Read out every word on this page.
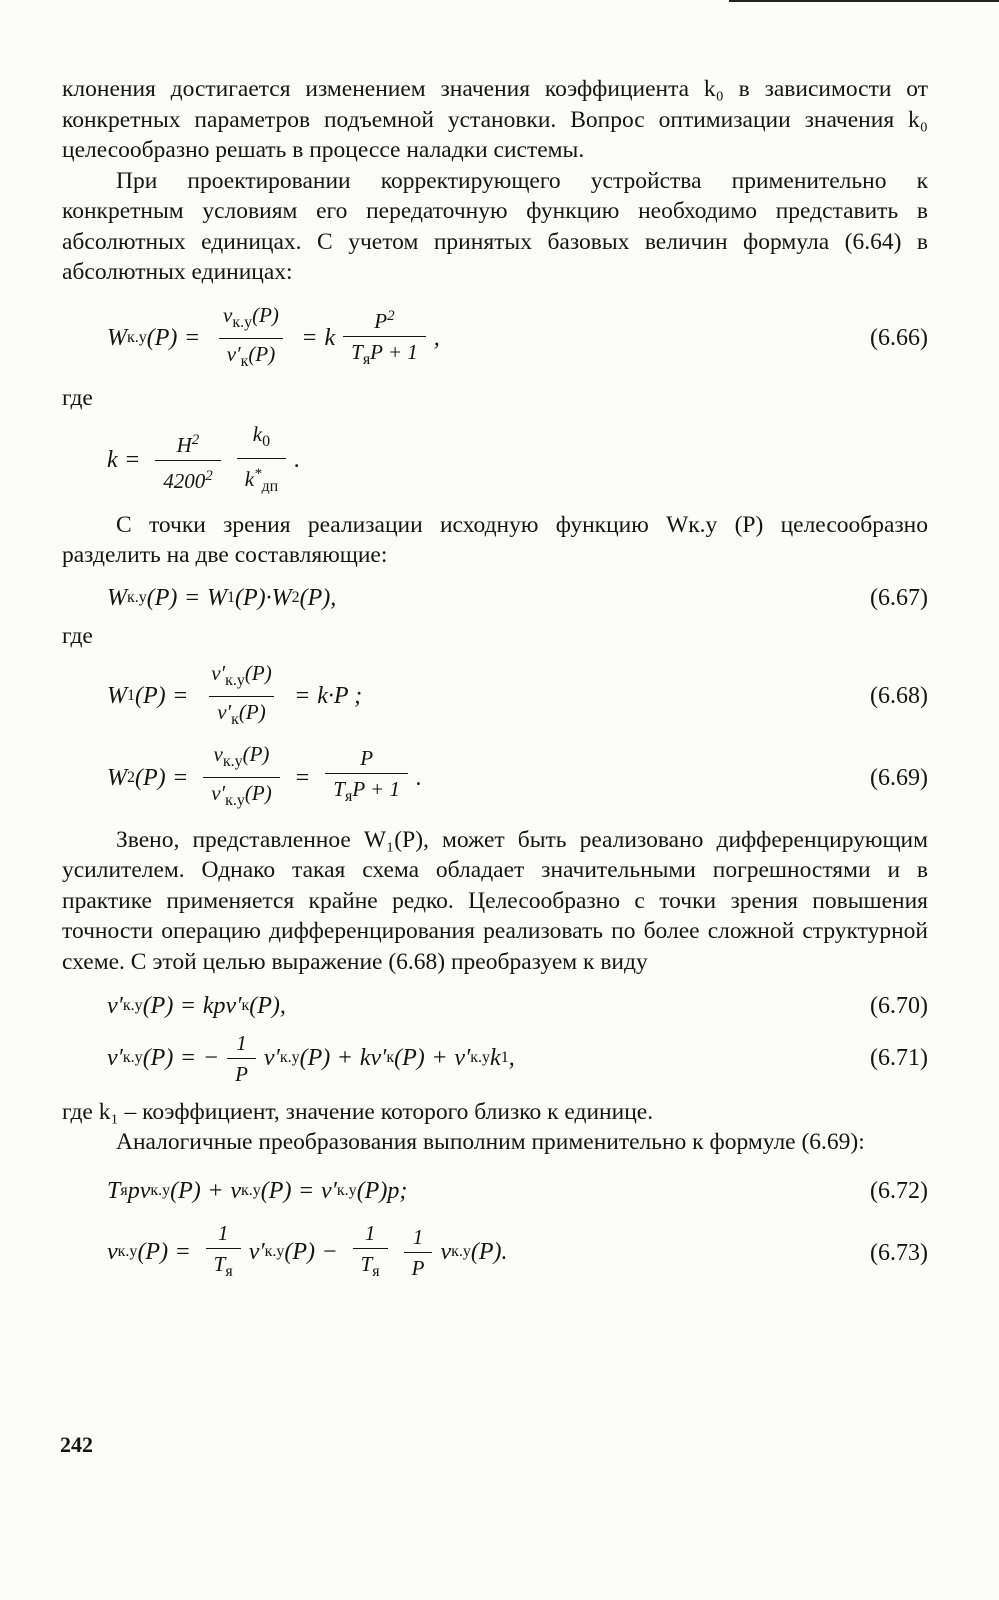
клонения достигается изменением значения коэффициента k₀ в зависимости от конкретных параметров подъемной установки. Вопрос оптимизации значения k₀ целесообразно решать в процессе наладки системы.

При проектировании корректирующего устройства применительно к конкретным условиям его передаточную функцию необходимо представить в абсолютных единицах. С учетом принятых базовых величин формула (6.64) в абсолютных единицах:

W к.у $(P) = \frac{v_{к.у}(P)}{v'_к(P)} = k \frac{P^2}{T_яP + 1}$ ,	(6.66)

где

$k = \frac{H^2}{4200^2} \frac{k_0}{k^*_{дп}}$ .

С точки зрения реализации исходную функцию Wк.у (P) целесообразно разделить на две составляющие:

W к.у (P) = W 1 (P)·W 2 (P),	(6.67)

где

W 1 $(P) = \frac{v'_{к.у}(P)}{v'_к(P)} = k\cdot P$ ;	(6.68)
W 2 $(P) = \frac{v_{к.у}(P)}{v'_{к.у}(P)} = \frac{P}{T_яP + 1}$ .	(6.69)

Звено, представленное W₁(P), может быть реализовано дифференцирующим усилителем. Однако такая схема обладает значительными погрешностями и в практике применяется крайне редко. Целесообразно с точки зрения повышения точности операцию дифференцирования реализовать по более сложной структурной схеме. С этой целью выражение (6.68) преобразуем к виду

v′ к.у (P) = kpv′ к (P),	(6.70)
v′ к.у (P) = − $\frac{1}{P} v'$ к.у (P) + kv′ к (P) + v′ к.у k 1 ,	(6.71)

где k₁ – коэффициент, значение которого близко к единице.

Аналогичные преобразования выполним применительно к формуле (6.69):

T я pv к.у (P) + v к.у (P) = v′ к.у (P)p;	(6.72)
v к.у $(P) = \frac{1}{T_я} v'$ к.у $(P) - \frac{1}{T_я} \frac{1}{P}$ v к.у (P).	(6.73)
242
